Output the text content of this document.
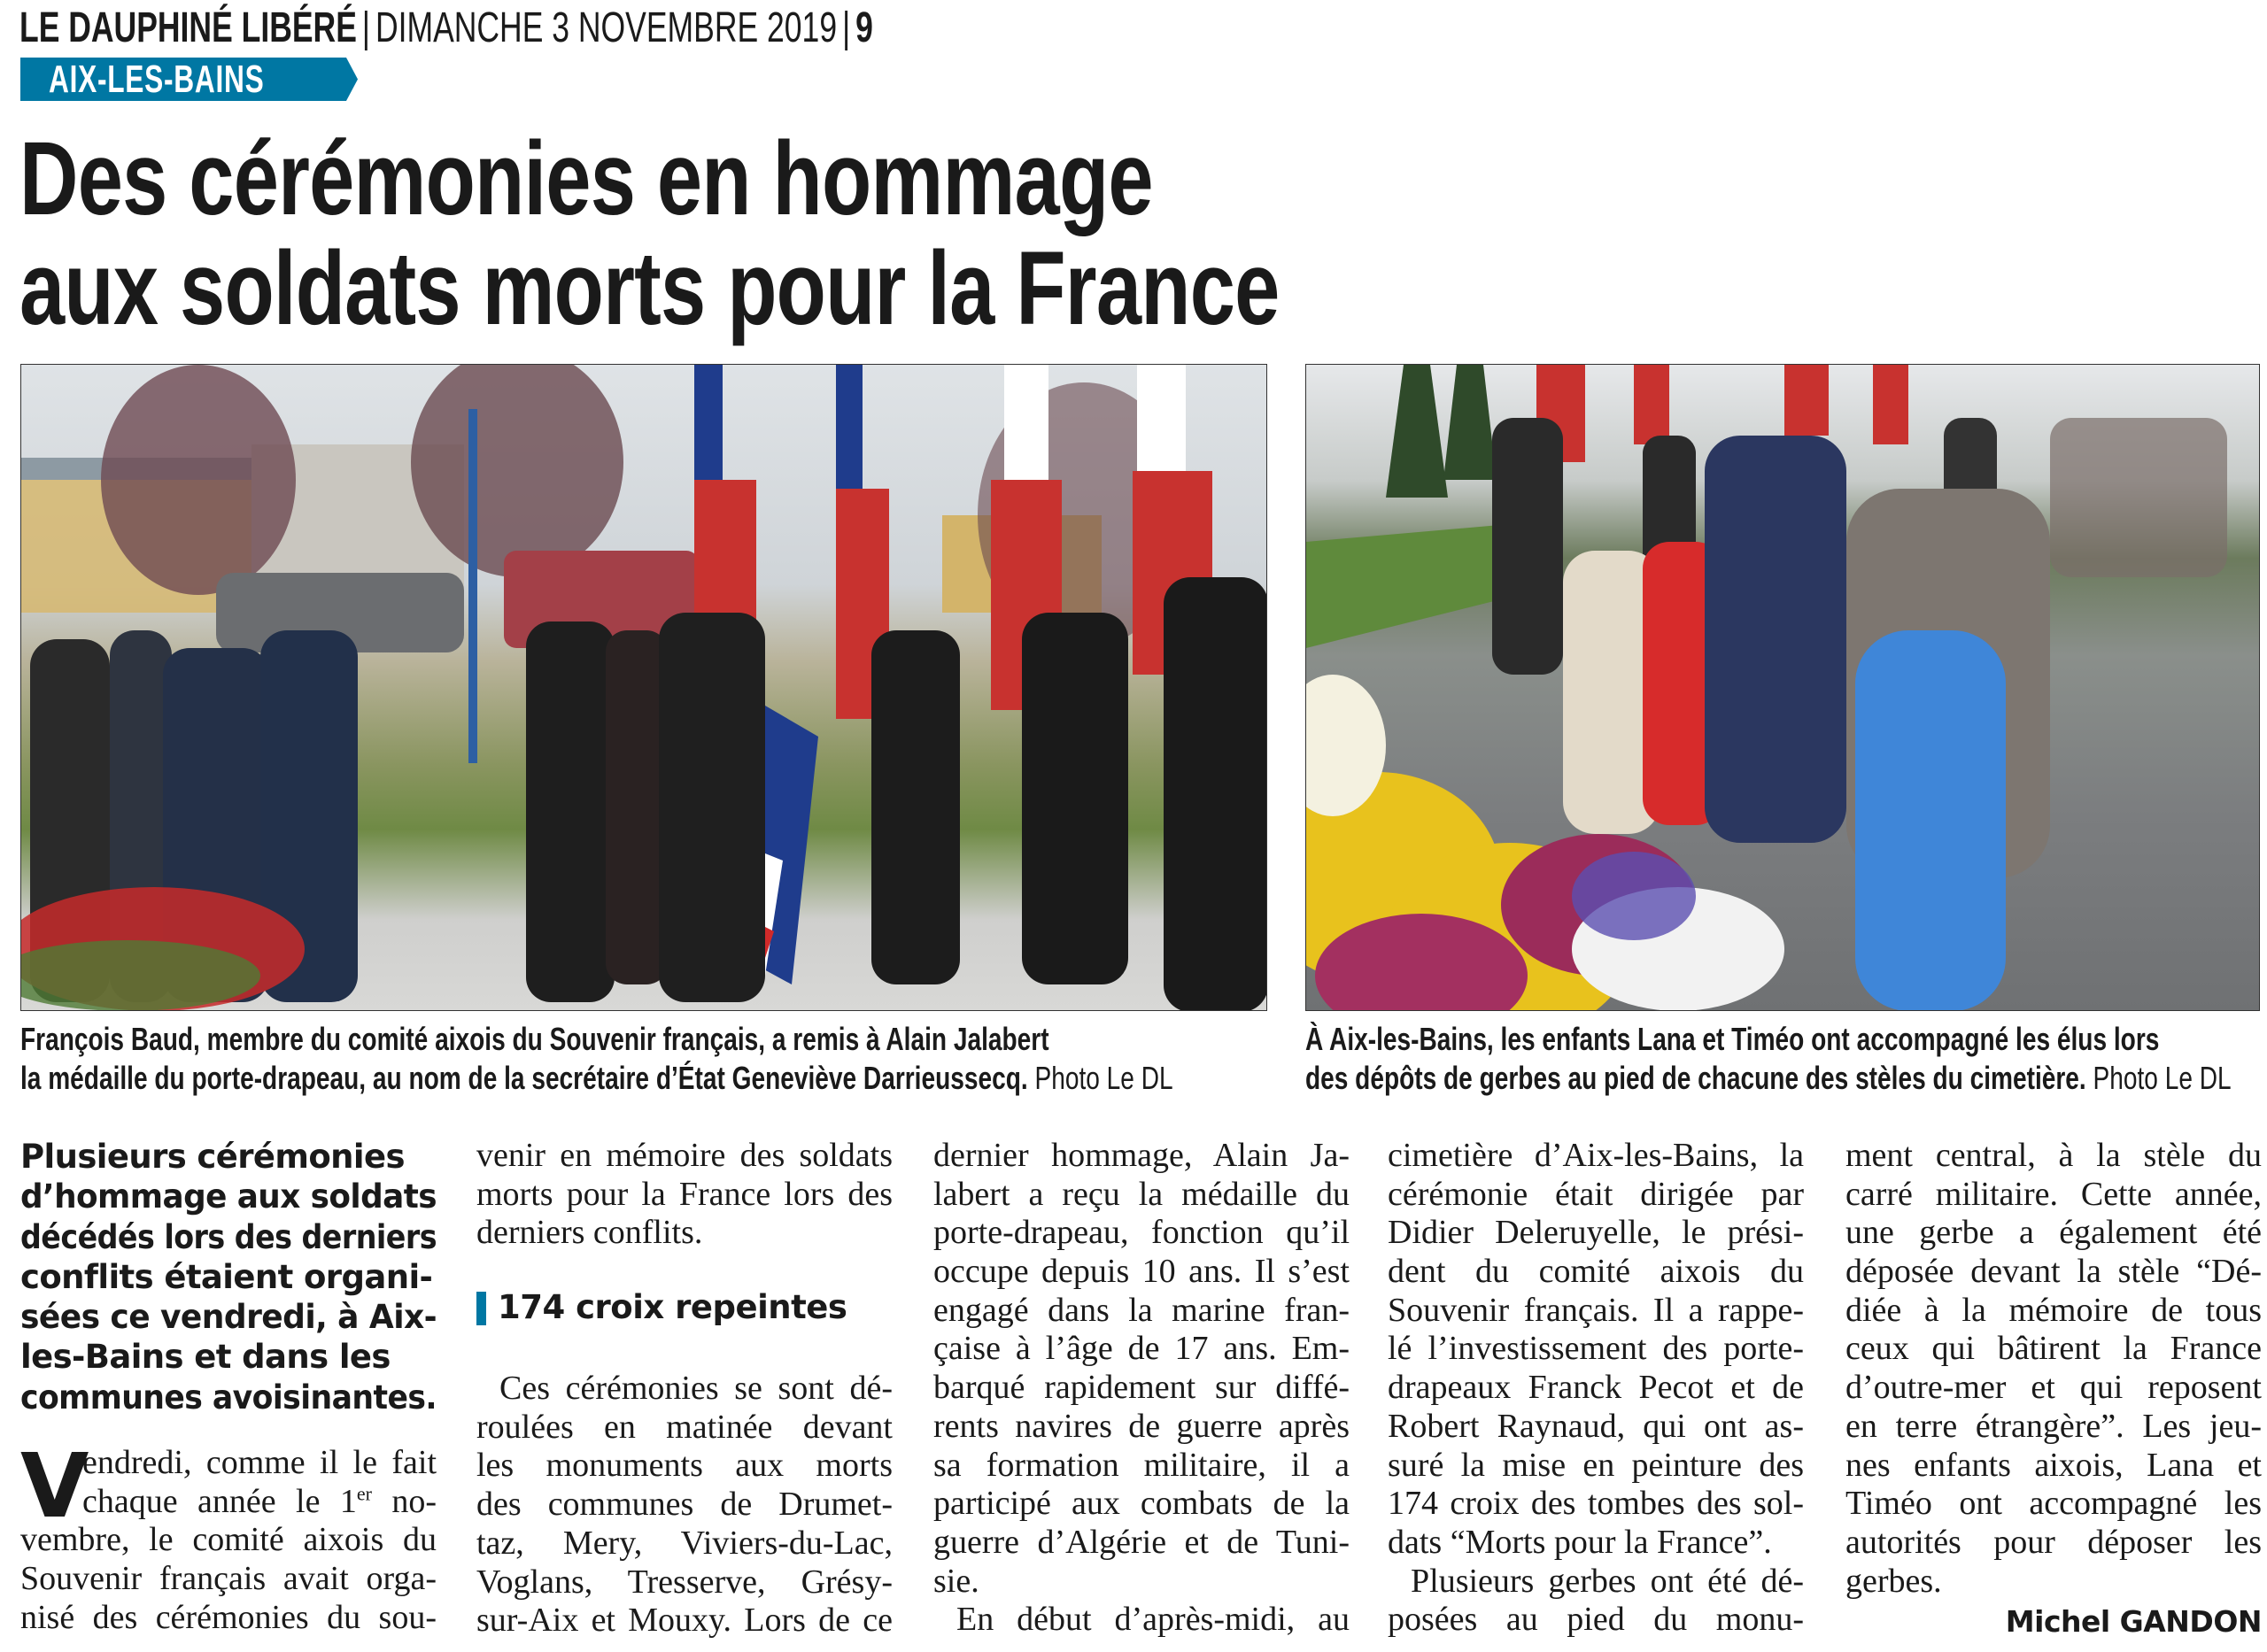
LE DAUPHINÉ LIBÉRÉ | DIMANCHE 3 NOVEMBRE 2019 | 9
AIX-LES-BAINS
Des cérémonies en hommage
aux soldats morts pour la France
François Baud, membre du comité aixois du Souvenir français, a remis à Alain Jalabert
la médaille du porte-drapeau, au nom de la secrétaire d’État Geneviève Darrieussecq. Photo Le DL
À Aix-les-Bains, les enfants Lana et Timéo ont accompagné les élus lors
des dépôts de gerbes au pied de chacune des stèles du cimetière. Photo Le DL
Plusieurs cérémonies
d’hommage aux soldats
décédés lors des derniers
conflits étaient organi-
sées ce vendredi, à Aix-
les-Bains et dans les
communes avoisinantes.
V
endredi, comme il le fait
chaque année le 1er no-
vembre, le comité aixois du
Souvenir français avait orga-
nisé des cérémonies du sou-
venir en mémoire des soldats
morts pour la France lors des
derniers conflits.
174 croix repeintes
Ces cérémonies se sont dé-
roulées en matinée devant
les monuments aux morts
des communes de Drumet-
taz, Mery, Viviers-du-Lac,
Voglans, Tresserve, Grésy-
sur-Aix et Mouxy. Lors de ce
dernier hommage, Alain Ja-
labert a reçu la médaille du
porte-drapeau, fonction qu’il
occupe depuis 10 ans. Il s’est
engagé dans la marine fran-
çaise à l’âge de 17 ans. Em-
barqué rapidement sur diffé-
rents navires de guerre après
sa formation militaire, il a
participé aux combats de la
guerre d’Algérie et de Tuni-
sie.
En début d’après-midi, au
cimetière d’Aix-les-Bains, la
cérémonie était dirigée par
Didier Deleruyelle, le prési-
dent du comité aixois du
Souvenir français. Il a rappe-
lé l’investissement des porte-
drapeaux Franck Pecot et de
Robert Raynaud, qui ont as-
suré la mise en peinture des
174 croix des tombes des sol-
dats “Morts pour la France”.
Plusieurs gerbes ont été dé-
posées au pied du monu-
ment central, à la stèle du
carré militaire. Cette année,
une gerbe a également été
déposée devant la stèle “Dé-
diée à la mémoire de tous
ceux qui bâtirent la France
d’outre-mer et qui reposent
en terre étrangère”. Les jeu-
nes enfants aixois, Lana et
Timéo ont accompagné les
autorités pour déposer les
gerbes.
Michel GANDON
